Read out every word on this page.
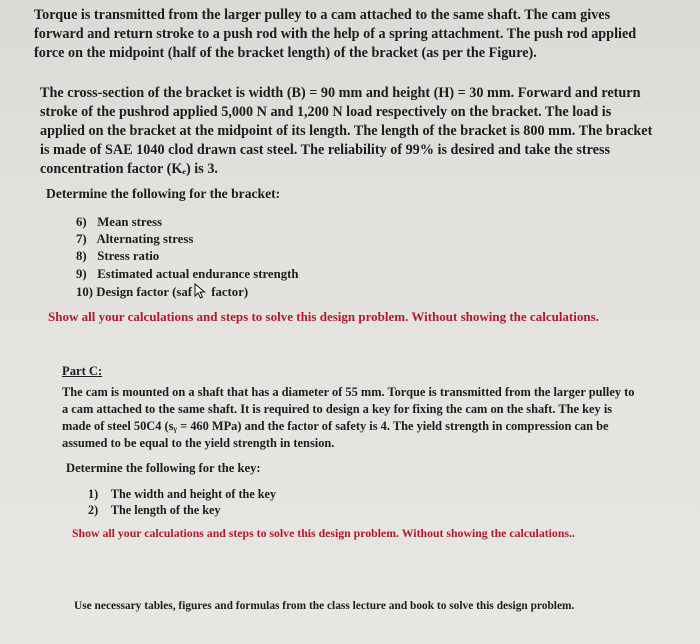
Torque is transmitted from the larger pulley to a cam attached to the same shaft. The cam gives forward and return stroke to a push rod with the help of a spring attachment. The push rod applied force on the midpoint (half of the bracket length) of the bracket (as per the Figure).

The cross-section of the bracket is width (B) = 90 mm and height (H) = 30 mm. Forward and return stroke of the pushrod applied 5,000 N and 1,200 N load respectively on the bracket. The load is applied on the bracket at the midpoint of its length. The length of the bracket is 800 mm. The bracket is made of SAE 1040 clod drawn cast steel. The reliability of 99% is desired and take the stress concentration factor (Kₑ) is 3.

Determine the following for the bracket:

6) Mean stress
7) Alternating stress
8) Stress ratio
9) Estimated actual endurance strength
10) Design factor (saf factor)

Show all your calculations and steps to solve this design problem. Without showing the calculations.

Part C:

The cam is mounted on a shaft that has a diameter of 55 mm. Torque is transmitted from the larger pulley to a cam attached to the same shaft. It is required to design a key for fixing the cam on the shaft. The key is made of steel 50C4 (sᵧ = 460 MPa) and the factor of safety is 4. The yield strength in compression can be assumed to be equal to the yield strength in tension.

Determine the following for the key:

1) The width and height of the key
2) The length of the key

Show all your calculations and steps to solve this design problem. Without showing the calculations..

Use necessary tables, figures and formulas from the class lecture and book to solve this design problem.
